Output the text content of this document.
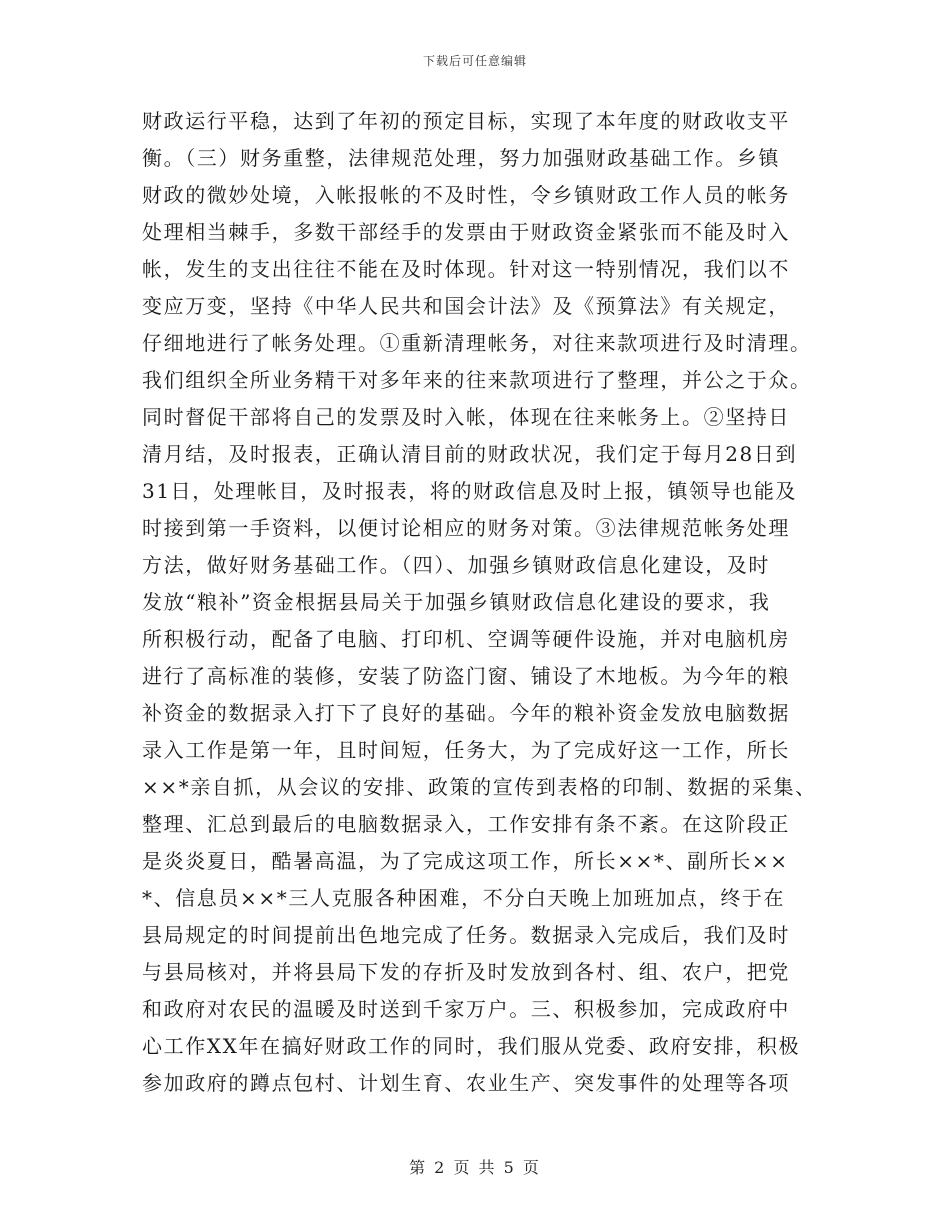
下载后可任意编辑
财政运行平稳，达到了年初的预定目标，实现了本年度的财政收支平
衡。（三）财务重整，法律规范处理，努力加强财政基础工作。乡镇
财政的微妙处境，入帐报帐的不及时性，令乡镇财政工作人员的帐务
处理相当棘手，多数干部经手的发票由于财政资金紧张而不能及时入
帐，发生的支出往往不能在及时体现。针对这一特别情况，我们以不
变应万变，坚持《中华人民共和国会计法》及《预算法》有关规定，
仔细地进行了帐务处理。①重新清理帐务，对往来款项进行及时清理。
我们组织全所业务精干对多年来的往来款项进行了整理，并公之于众。
同时督促干部将自己的发票及时入帐，体现在往来帐务上。②坚持日
清月结，及时报表，正确认清目前的财政状况，我们定于每月28日到
31日，处理帐目，及时报表，将的财政信息及时上报，镇领导也能及
时接到第一手资料，以便讨论相应的财务对策。③法律规范帐务处理
方法，做好财务基础工作。（四）、加强乡镇财政信息化建设，及时
发放“粮补”资金根据县局关于加强乡镇财政信息化建设的要求，我
所积极行动，配备了电脑、打印机、空调等硬件设施，并对电脑机房
进行了高标准的装修，安装了防盗门窗、铺设了木地板。为今年的粮
补资金的数据录入打下了良好的基础。今年的粮补资金发放电脑数据
录入工作是第一年，且时间短，任务大，为了完成好这一工作，所长
××*亲自抓，从会议的安排、政策的宣传到表格的印制、数据的采集、
整理、汇总到最后的电脑数据录入，工作安排有条不紊。在这阶段正
是炎炎夏日，酷暑高温，为了完成这项工作，所长××*、副所长××
*、信息员××*三人克服各种困难，不分白天晚上加班加点，终于在
县局规定的时间提前出色地完成了任务。数据录入完成后，我们及时
与县局核对，并将县局下发的存折及时发放到各村、组、农户，把党
和政府对农民的温暖及时送到千家万户。三、积极参加，完成政府中
心工作XX年在搞好财政工作的同时，我们服从党委、政府安排，积极
参加政府的蹲点包村、计划生育、农业生产、突发事件的处理等各项
第 2 页 共 5 页
